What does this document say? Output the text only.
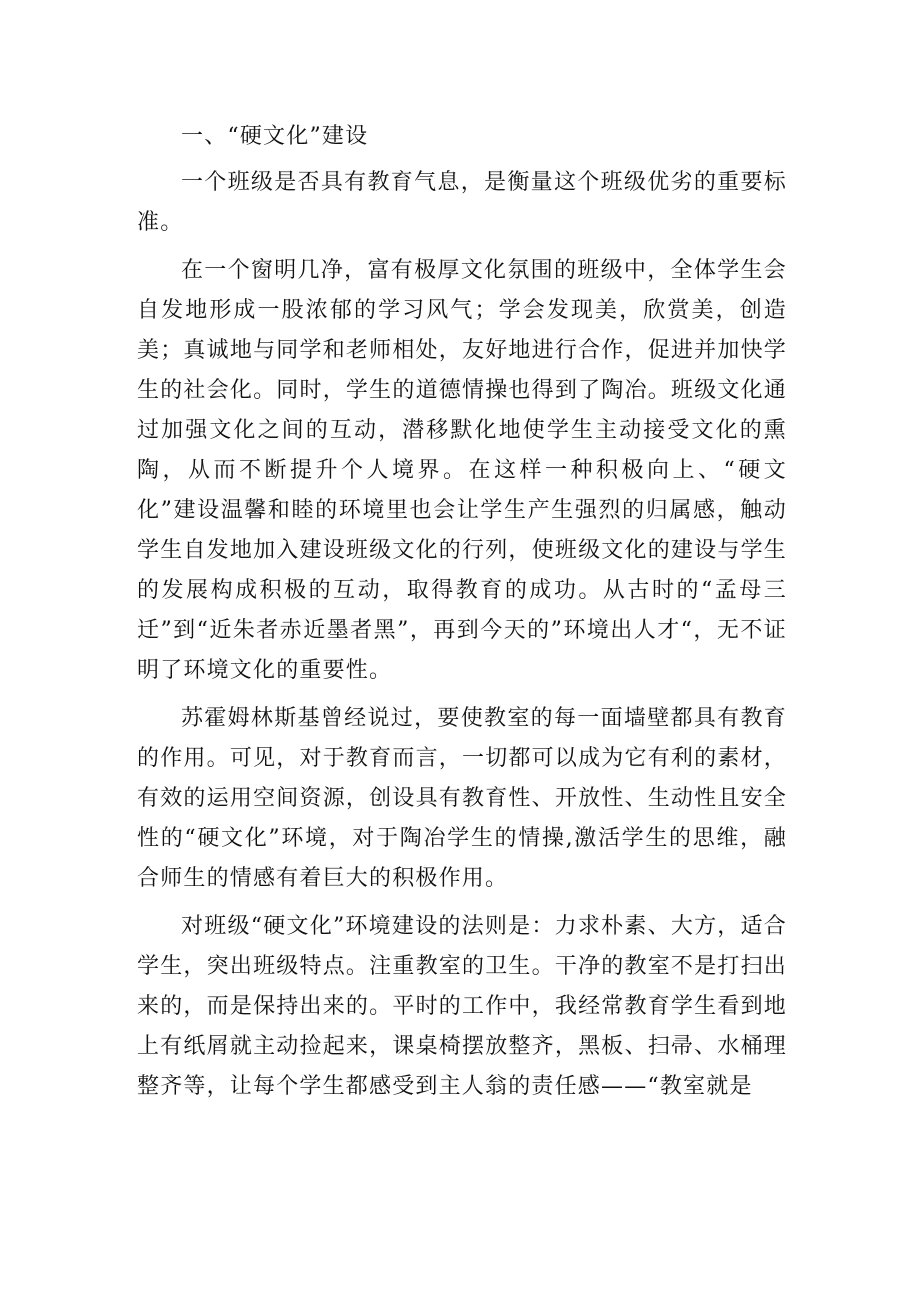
一、“硬文化”建设

一个班级是否具有教育气息，是衡量这个班级优劣的重要标准。

在一个窗明几净，富有极厚文化氛围的班级中，全体学生会自发地形成一股浓郁的学习风气；学会发现美，欣赏美，创造美；真诚地与同学和老师相处，友好地进行合作，促进并加快学生的社会化。同时，学生的道德情操也得到了陶冶。班级文化通过加强文化之间的互动，潜移默化地使学生主动接受文化的熏陶，从而不断提升个人境界。在这样一种积极向上、“硬文化”建设温馨和睦的环境里也会让学生产生强烈的归属感，触动学生自发地加入建设班级文化的行列，使班级文化的建设与学生的发展构成积极的互动，取得教育的成功。从古时的“孟母三迁”到“近朱者赤近墨者黑”，再到今天的”环境出人才“，无不证明了环境文化的重要性。

苏霍姆林斯基曾经说过，要使教室的每一面墙壁都具有教育的作用。可见，对于教育而言，一切都可以成为它有利的素材，有效的运用空间资源，创设具有教育性、开放性、生动性且安全性的“硬文化”环境，对于陶冶学生的情操,激活学生的思维，融合师生的情感有着巨大的积极作用。

对班级“硬文化”环境建设的法则是：力求朴素、大方，适合学生，突出班级特点。注重教室的卫生。干净的教室不是打扫出来的，而是保持出来的。平时的工作中，我经常教育学生看到地上有纸屑就主动捡起来，课桌椅摆放整齐，黑板、扫帚、水桶理整齐等，让每个学生都感受到主人翁的责任感——“教室就是
